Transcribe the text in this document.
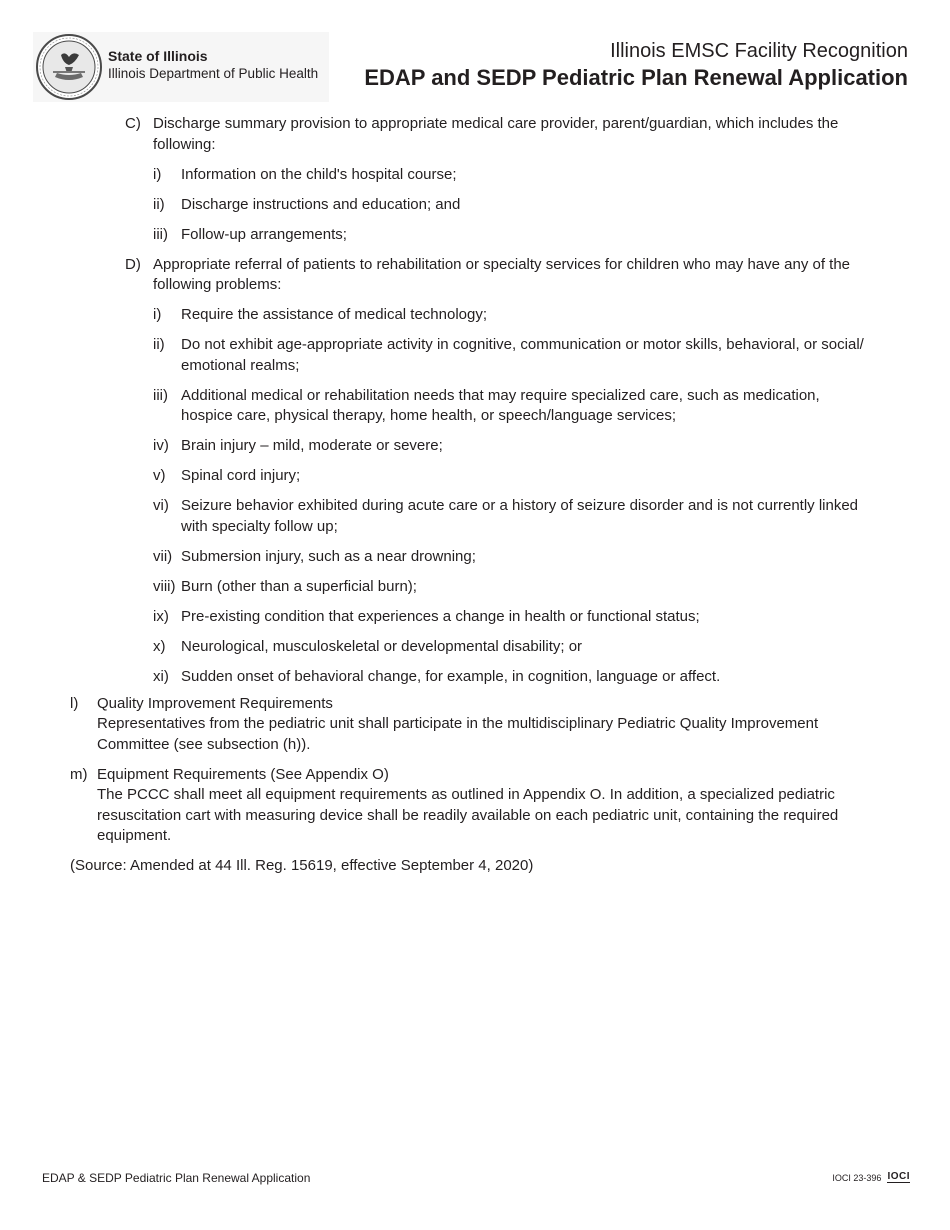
State of Illinois
Illinois Department of Public Health
Illinois EMSC Facility Recognition
EDAP and SEDP Pediatric Plan Renewal Application
C) Discharge summary provision to appropriate medical care provider, parent/guardian, which includes the
following:
i) Information on the child's hospital course;
ii) Discharge instructions and education; and
iii) Follow-up arrangements;
D) Appropriate referral of patients to rehabilitation or specialty services for children who may have any of the
following problems:
i) Require the assistance of medical technology;
ii) Do not exhibit age-appropriate activity in cognitive, communication or motor skills, behavioral, or social/
emotional realms;
iii) Additional medical or rehabilitation needs that may require specialized care, such as medication,
hospice care, physical therapy, home health, or speech/language services;
iv) Brain injury – mild, moderate or severe;
v) Spinal cord injury;
vi) Seizure behavior exhibited during acute care or a history of seizure disorder and is not currently linked
with specialty follow up;
vii) Submersion injury, such as a near drowning;
viii) Burn (other than a superficial burn);
ix) Pre-existing condition that experiences a change in health or functional status;
x) Neurological, musculoskeletal or developmental disability; or
xi) Sudden onset of behavioral change, for example, in cognition, language or affect.
l) Quality Improvement Requirements
Representatives from the pediatric unit shall participate in the multidisciplinary Pediatric Quality Improvement
Committee (see subsection (h)).
m) Equipment Requirements (See Appendix O)
The PCCC shall meet all equipment requirements as outlined in Appendix O. In addition, a specialized pediatric
resuscitation cart with measuring device shall be readily available on each pediatric unit, containing the required
equipment.
(Source: Amended at 44 Ill. Reg. 15619, effective September 4, 2020)
EDAP & SEDP Pediatric Plan Renewal Application	IOCI 23-396 IOCI
